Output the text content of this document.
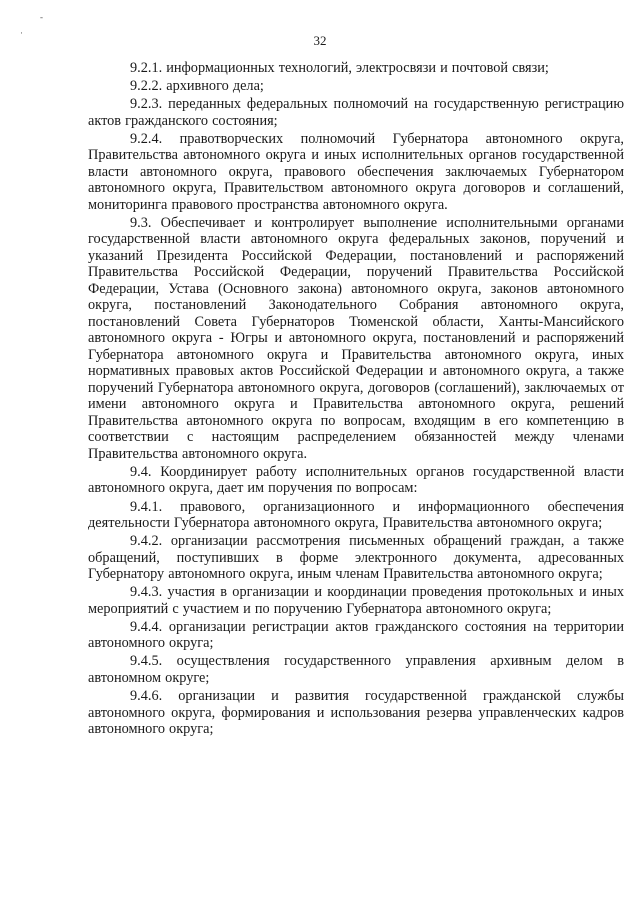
-
·	32

9.2.1. информационных технологий, электросвязи и почтовой связи;

9.2.2. архивного дела;

9.2.3. переданных федеральных полномочий на государственную регистрацию актов гражданского состояния;

9.2.4. правотворческих полномочий Губернатора автономного округа, Правительства автономного округа и иных исполнительных органов государственной власти автономного округа, правового обеспечения заключаемых Губернатором автономного округа, Правительством автономного округа договоров и соглашений, мониторинга правового пространства автономного округа.

9.3. Обеспечивает и контролирует выполнение исполнительными органами государственной власти автономного округа федеральных законов, поручений и указаний Президента Российской Федерации, постановлений и распоряжений Правительства Российской Федерации, поручений Правительства Российской Федерации, Устава (Основного закона) автономного округа, законов автономного округа, постановлений Законодательного Собрания автономного округа, постановлений Совета Губернаторов Тюменской области, Ханты-Мансийского автономного округа - Югры и автономного округа, постановлений и распоряжений Губернатора автономного округа и Правительства автономного округа, иных нормативных правовых актов Российской Федерации и автономного округа, а также поручений Губернатора автономного округа, договоров (соглашений), заключаемых от имени автономного округа и Правительства автономного округа, решений Правительства автономного округа по вопросам, входящим в его компетенцию в соответствии с настоящим распределением обязанностей между членами Правительства автономного округа.

9.4. Координирует работу исполнительных органов государственной власти автономного округа, дает им поручения по вопросам:

9.4.1. правового, организационного и информационного обеспечения деятельности Губернатора автономного округа, Правительства автономного округа;

9.4.2. организации рассмотрения письменных обращений граждан, а также обращений, поступивших в форме электронного документа, адресованных Губернатору автономного округа, иным членам Правительства автономного округа;

9.4.3. участия в организации и координации проведения протокольных и иных мероприятий с участием и по поручению Губернатора автономного округа;

9.4.4. организации регистрации актов гражданского состояния на территории автономного округа;

9.4.5. осуществления государственного управления архивным делом в автономном округе;

9.4.6. организации и развития государственной гражданской службы автономного округа, формирования и использования резерва управленческих кадров автономного округа;
